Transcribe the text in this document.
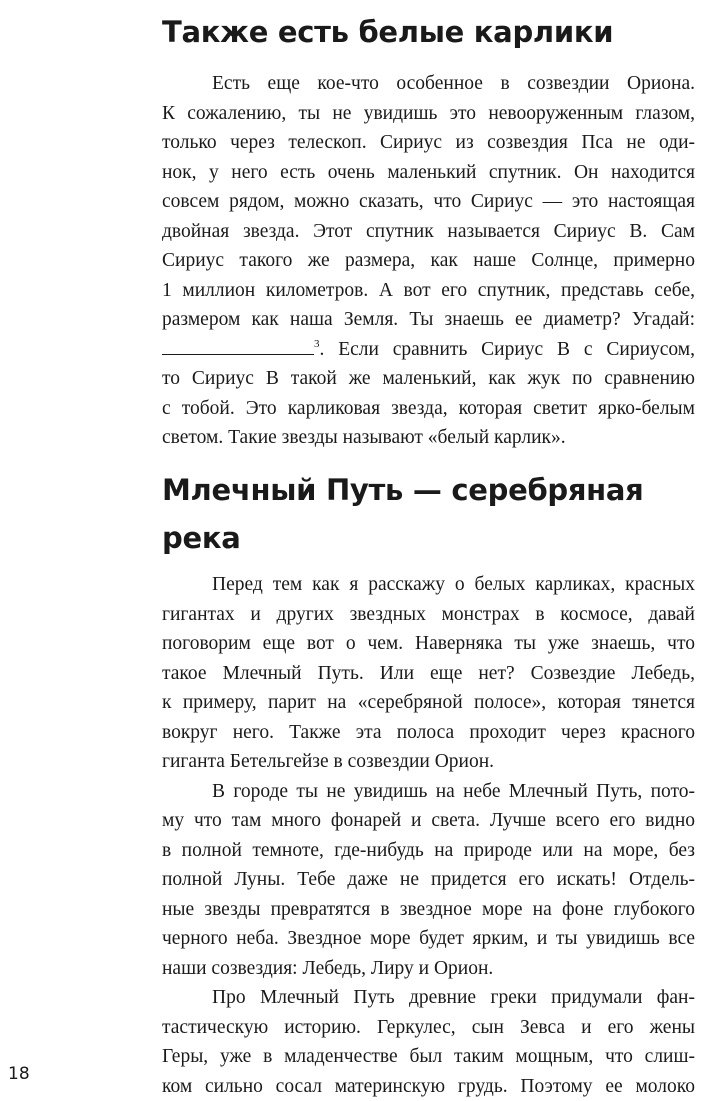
Также есть белые карлики
Есть еще кое-что особенное в созвездии Ориона.
К сожалению, ты не увидишь это невооруженным глазом,
только через телескоп. Сириус из созвездия Пса не оди-
нок, у него есть очень маленький спутник. Он находится
совсем рядом, можно сказать, что Сириус — это настоящая
двойная звезда. Этот спутник называется Сириус B. Сам
Сириус такого же размера, как наше Солнце, примерно
1 миллион километров. А вот его спутник, представь себе,
размером как наша Земля. Ты знаешь ее диаметр? Угадай:
$^3$. Если сравнить Сириус B с Сириусом,
то Сириус B такой же маленький, как жук по сравнению
с тобой. Это карликовая звезда, которая светит ярко-белым
светом. Такие звезды называют «белый карлик».
Млечный Путь — серебряная
река
Перед тем как я расскажу о белых карликах, красных
гигантах и других звездных монстрах в космосе, давай
поговорим еще вот о чем. Наверняка ты уже знаешь, что
такое Млечный Путь. Или еще нет? Созвездие Лебедь,
к примеру, парит на «серебряной полосе», которая тянется
вокруг него. Также эта полоса проходит через красного
гиганта Бетельгейзе в созвездии Орион.
В городе ты не увидишь на небе Млечный Путь, пото-
му что там много фонарей и света. Лучше всего его видно
в полной темноте, где-нибудь на природе или на море, без
полной Луны. Тебе даже не придется его искать! Отдель-
ные звезды превратятся в звездное море на фоне глубокого
черного неба. Звездное море будет ярким, и ты увидишь все
наши созвездия: Лебедь, Лиру и Орион.
Про Млечный Путь древние греки придумали фан-
тастическую историю. Геркулес, сын Зевса и его жены
Геры, уже в младенчестве был таким мощным, что слиш-
ком сильно сосал материнскую грудь. Поэтому ее молоко
18
